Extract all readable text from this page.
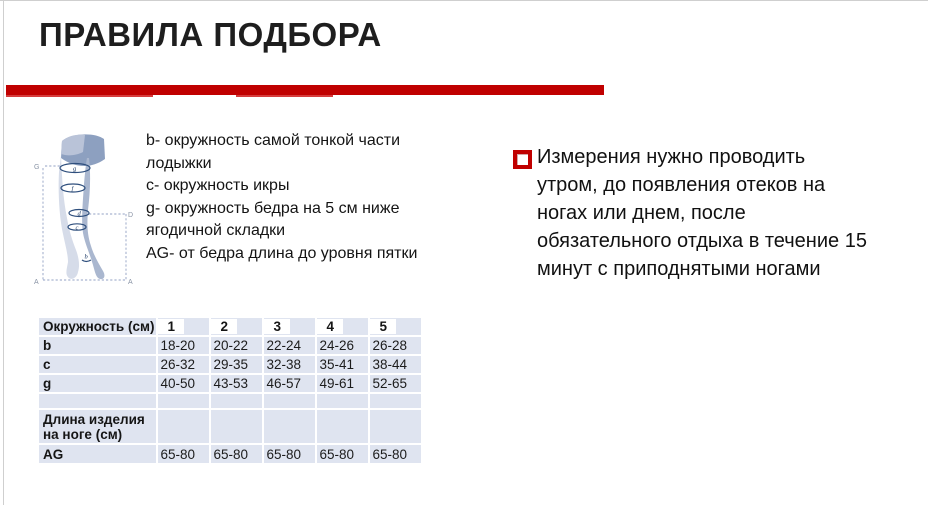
ПРАВИЛА ПОДБОРА
g
f
d
c
b
G
D
A	A
b- окружность самой тонкой части
лодыжки
c- окружность икры
g- окружность бедра на 5 см ниже
ягодичной складки
AG- от бедра длина до уровня пятки
Измерения нужно проводить
утром, до появления отеков на
ногах или днем, после
обязательного отдыха в течение 15
минут с приподнятыми ногами
Окружность (см)	1	2	3	4	5
b	18-20	20-22	22-24	24-26	26-28
c	26-32	29-35	32-38	35-41	38-44
g	40-50	43-53	46-57	49-61	52-65

Длина изделия на ноге (см)					
AG	65-80	65-80	65-80	65-80	65-80
